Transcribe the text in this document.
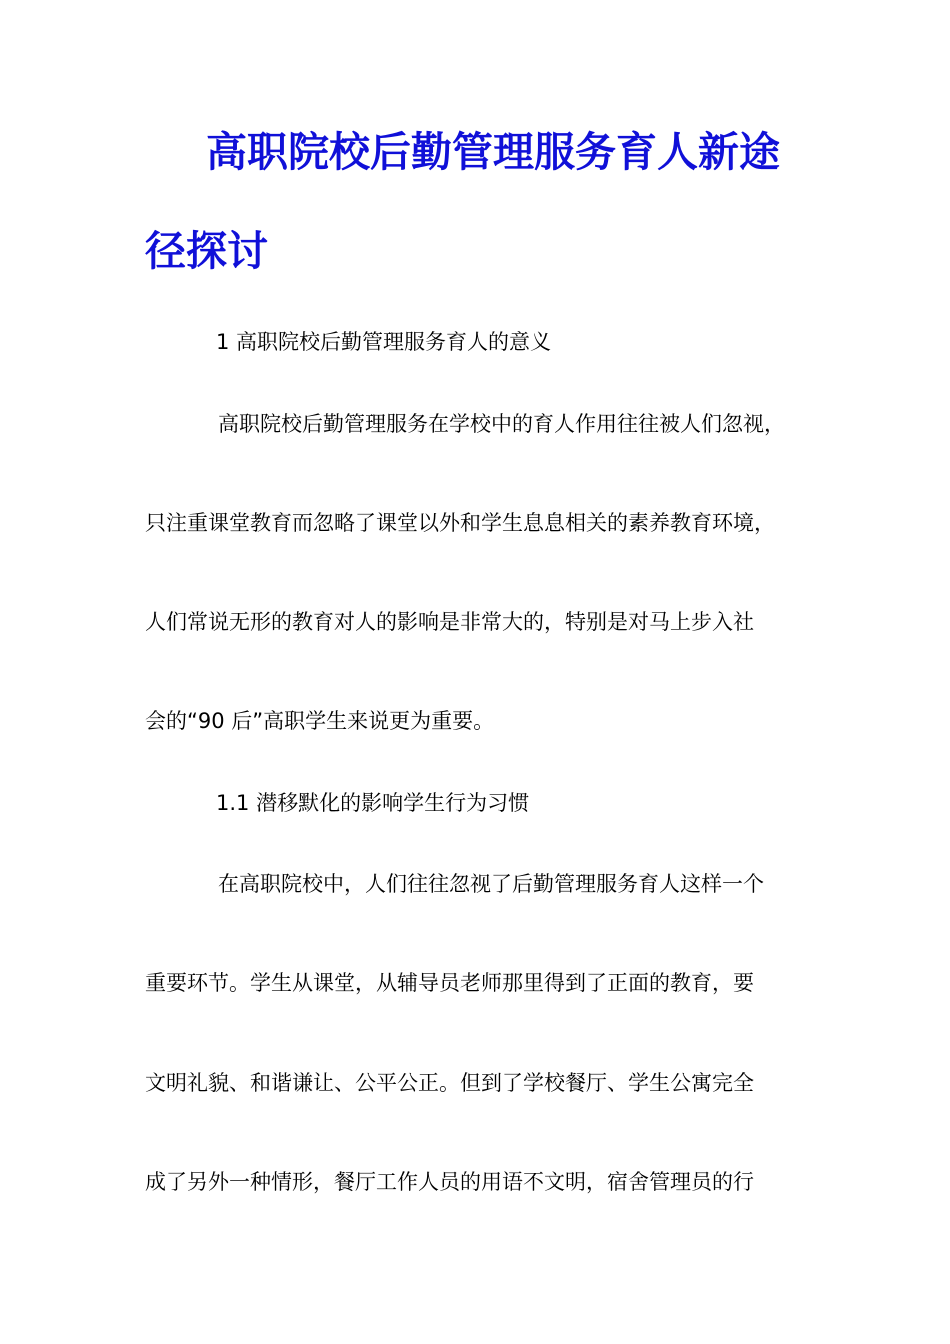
高职院校后勤管理服务育人新途
径探讨
1 高职院校后勤管理服务育人的意义
高职院校后勤管理服务在学校中的育人作用往往被人们忽视，
只注重课堂教育而忽略了课堂以外和学生息息相关的素养教育环境，
人们常说无形的教育对人的影响是非常大的，特别是对马上步入社
会的“90 后”高职学生来说更为重要。
1.1 潜移默化的影响学生行为习惯
在高职院校中，人们往往忽视了后勤管理服务育人这样一个
重要环节。学生从课堂，从辅导员老师那里得到了正面的教育，要
文明礼貌、和谐谦让、公平公正。但到了学校餐厅、学生公寓完全
成了另外一种情形，餐厅工作人员的用语不文明，宿舍管理员的行
